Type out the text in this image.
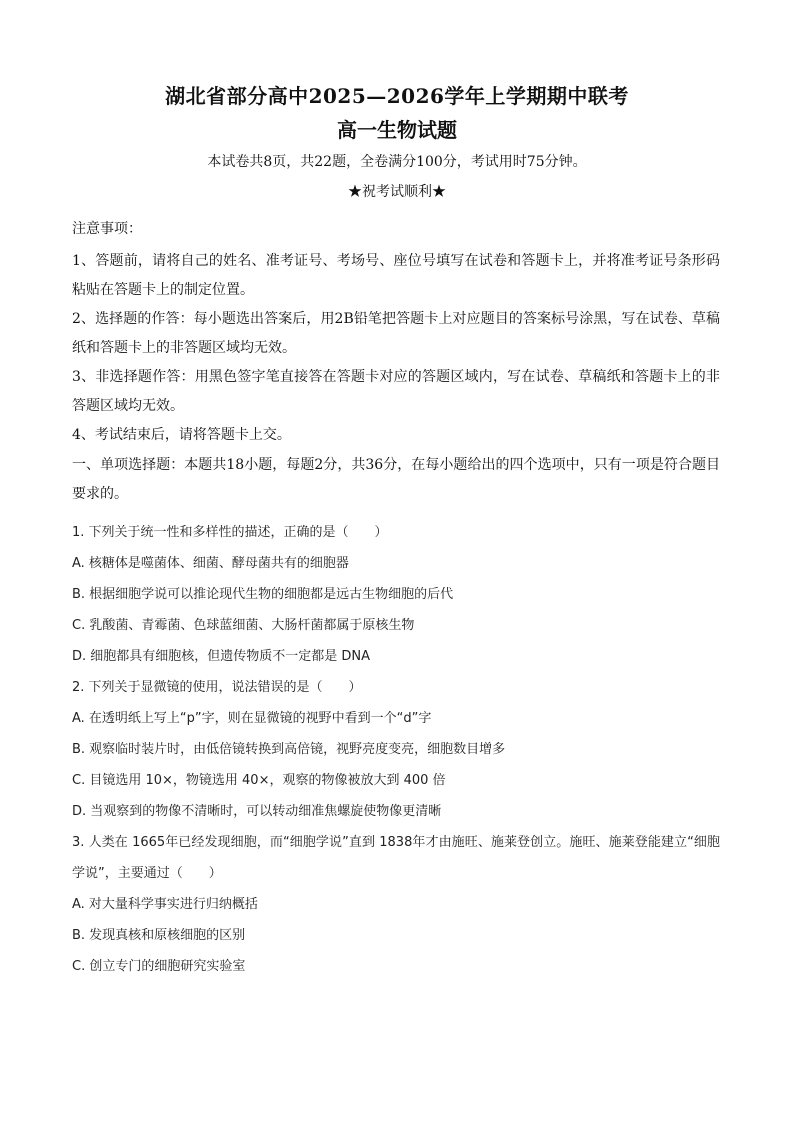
湖北省部分高中2025—2026学年上学期期中联考
高一生物试题
本试卷共8页，共22题，全卷满分100分，考试用时75分钟。
★祝考试顺利★
注意事项：

1、答题前，请将自己的姓名、准考证号、考场号、座位号填写在试卷和答题卡上，并将准考证号条形码粘贴在答题卡上的制定位置。

2、选择题的作答：每小题选出答案后，用2B铅笔把答题卡上对应题目的答案标号涂黑，写在试卷、草稿纸和答题卡上的非答题区域均无效。

3、非选择题作答：用黑色签字笔直接答在答题卡对应的答题区域内，写在试卷、草稿纸和答题卡上的非答题区域均无效。

4、考试结束后，请将答题卡上交。

一、单项选择题：本题共18小题，每题2分，共36分，在每小题给出的四个选项中，只有一项是符合题目要求的。

1. 下列关于统一性和多样性的描述，正确的是（　　）

A. 核糖体是噬菌体、细菌、酵母菌共有的细胞器

B. 根据细胞学说可以推论现代生物的细胞都是远古生物细胞的后代

C. 乳酸菌、青霉菌、色球蓝细菌、大肠杆菌都属于原核生物

D. 细胞都具有细胞核，但遗传物质不一定都是 DNA

2. 下列关于显微镜的使用，说法错误的是（　　）

A. 在透明纸上写上“p”字，则在显微镜的视野中看到一个“d”字

B. 观察临时装片时，由低倍镜转换到高倍镜，视野亮度变亮，细胞数目增多

C. 目镜选用 10×，物镜选用 40×，观察的物像被放大到 400 倍

D. 当观察到的物像不清晰时，可以转动细准焦螺旋使物像更清晰

3. 人类在 1665年已经发现细胞，而“细胞学说”直到 1838年才由施旺、施莱登创立。施旺、施莱登能建立“细胞学说”，主要通过（　　）

A. 对大量科学事实进行归纳概括

B. 发现真核和原核细胞的区别

C. 创立专门的细胞研究实验室
